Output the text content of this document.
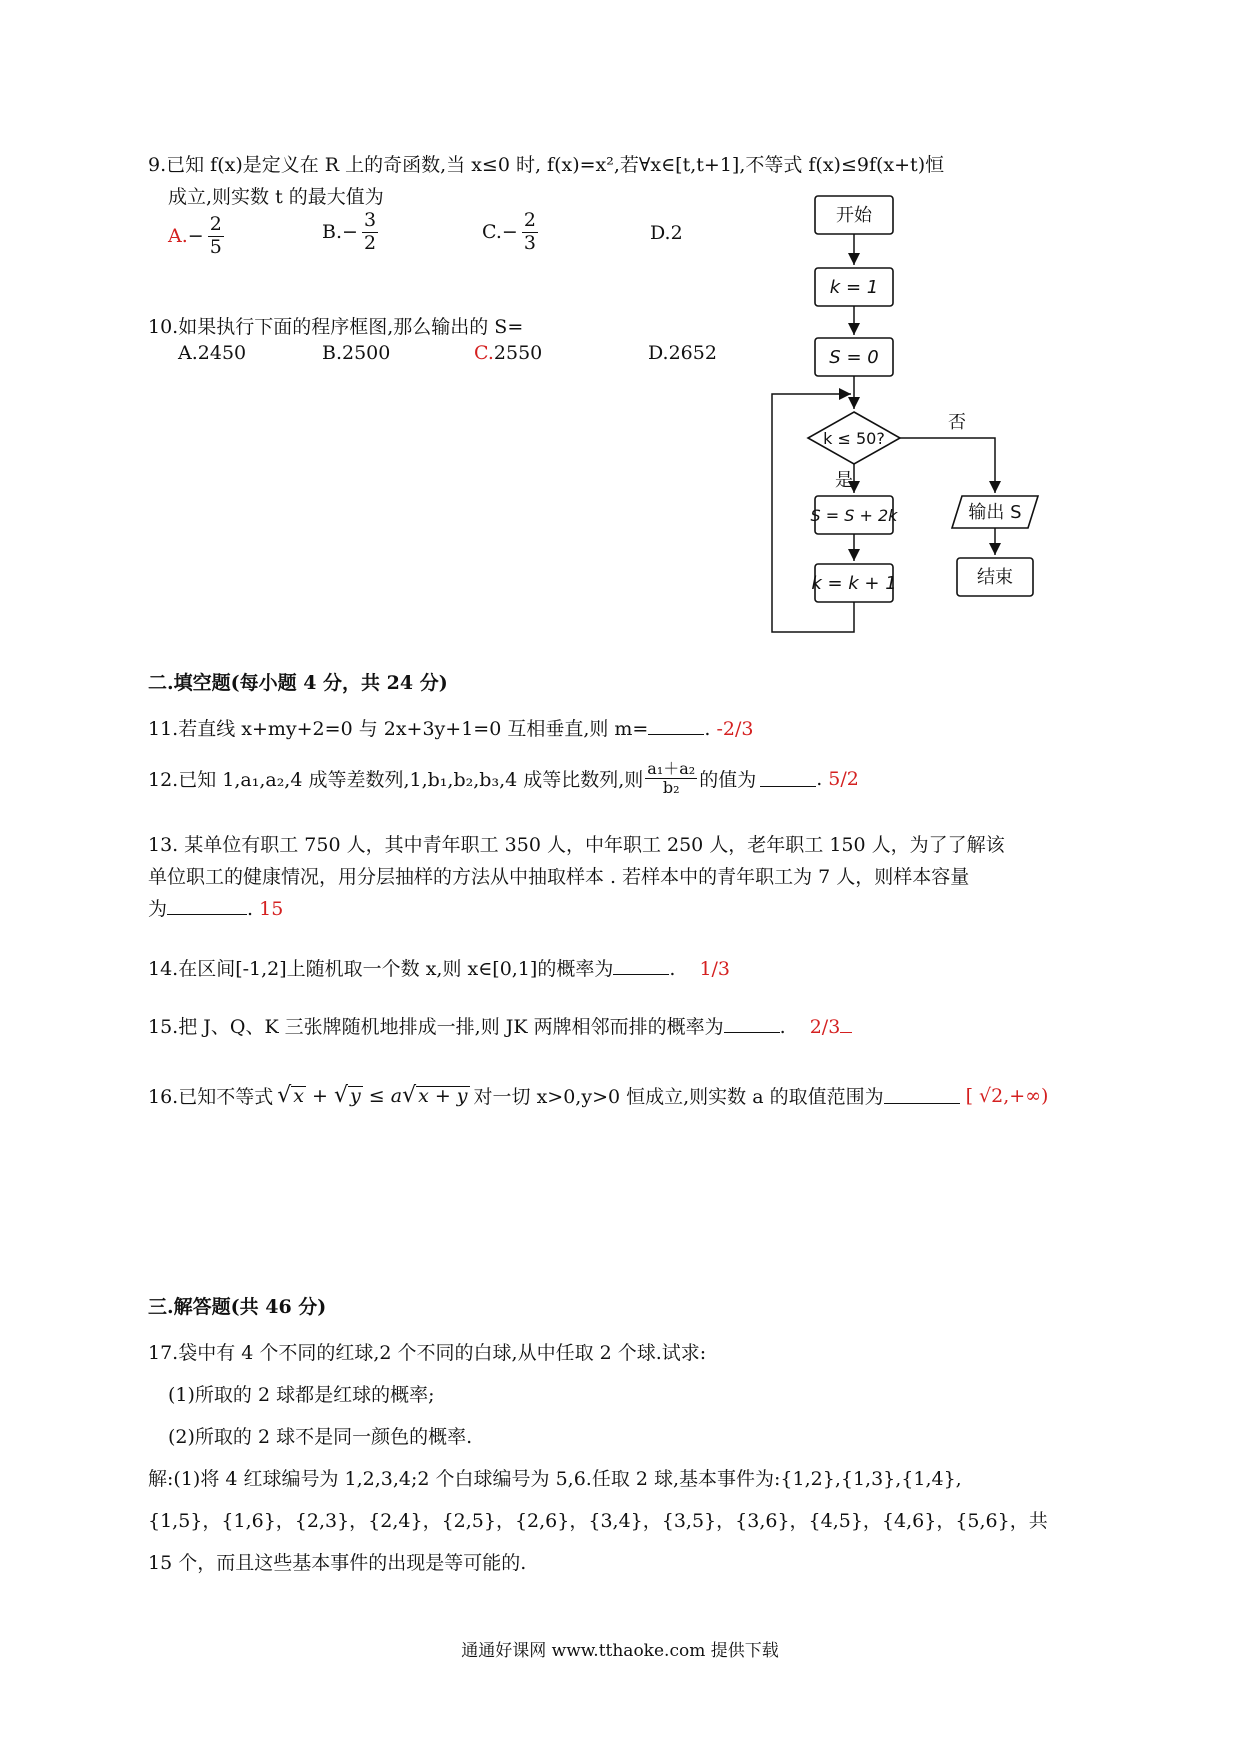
9.已知 f(x)是定义在 R 上的奇函数,当 x≤0 时, f(x)=x²,若∀x∈[t,t+1],不等式 f(x)≤9f(x+t)恒
成立,则实数 t 的最大值为
A. − $\frac{2}{5}$	B. − $\frac{3}{2}$	C. − $\frac{2}{3}$	D.2
10.如果执行下面的程序框图,那么输出的 S=
A.2450	B.2500	C.2550	D.2652
开始
k = 1
S = 0
k ≤ 50?
否
是
S = S + 2k
k = k + 1
输出 S
结束
二.填空题(每小题 4 分，共 24 分)
11.若直线 x+my+2=0 与 2x+3y+1=0 互相垂直,则 m=	. -2/3
12.已知 1,a₁,a₂,4 成等差数列,1,b₁,b₂,b₃,4 成等比数列,则 $\frac{\text{a₁＋a₂}}{\text{b₂}}$ 的值为	. 5/2
13. 某单位有职工 750 人，其中青年职工 350 人，中年职工 250 人，老年职工 150 人，为了了解该
单位职工的健康情况，用分层抽样的方法从中抽取样本 . 若样本中的青年职工为 7 人，则样本容量
为	. 15
14.在区间[-1,2]上随机取一个数 x,则 x∈[0,1]的概率为	. 1/3
15.把 J、Q、K 三张牌随机地排成一排,则 JK 两牌相邻而排的概率为	. 2/3
16.已知不等式 √ x + √ y ≤ a√ x + y 对一切 x>0,y>0 恒成立,则实数 a 的取值范围为	[ √2,+∞)
三.解答题(共 46 分)
17.袋中有 4 个不同的红球,2 个不同的白球,从中任取 2 个球.试求:
(1)所取的 2 球都是红球的概率;
(2)所取的 2 球不是同一颜色的概率.
解:(1)将 4 红球编号为 1,2,3,4;2 个白球编号为 5,6.任取 2 球,基本事件为:{1,2},{1,3},{1,4},
{1,5}，{1,6}，{2,3}，{2,4}，{2,5}，{2,6}，{3,4}，{3,5}，{3,6}，{4,5}，{4,6}，{5,6}，共
15 个，而且这些基本事件的出现是等可能的.
通通好课网 www.tthaoke.com 提供下载
